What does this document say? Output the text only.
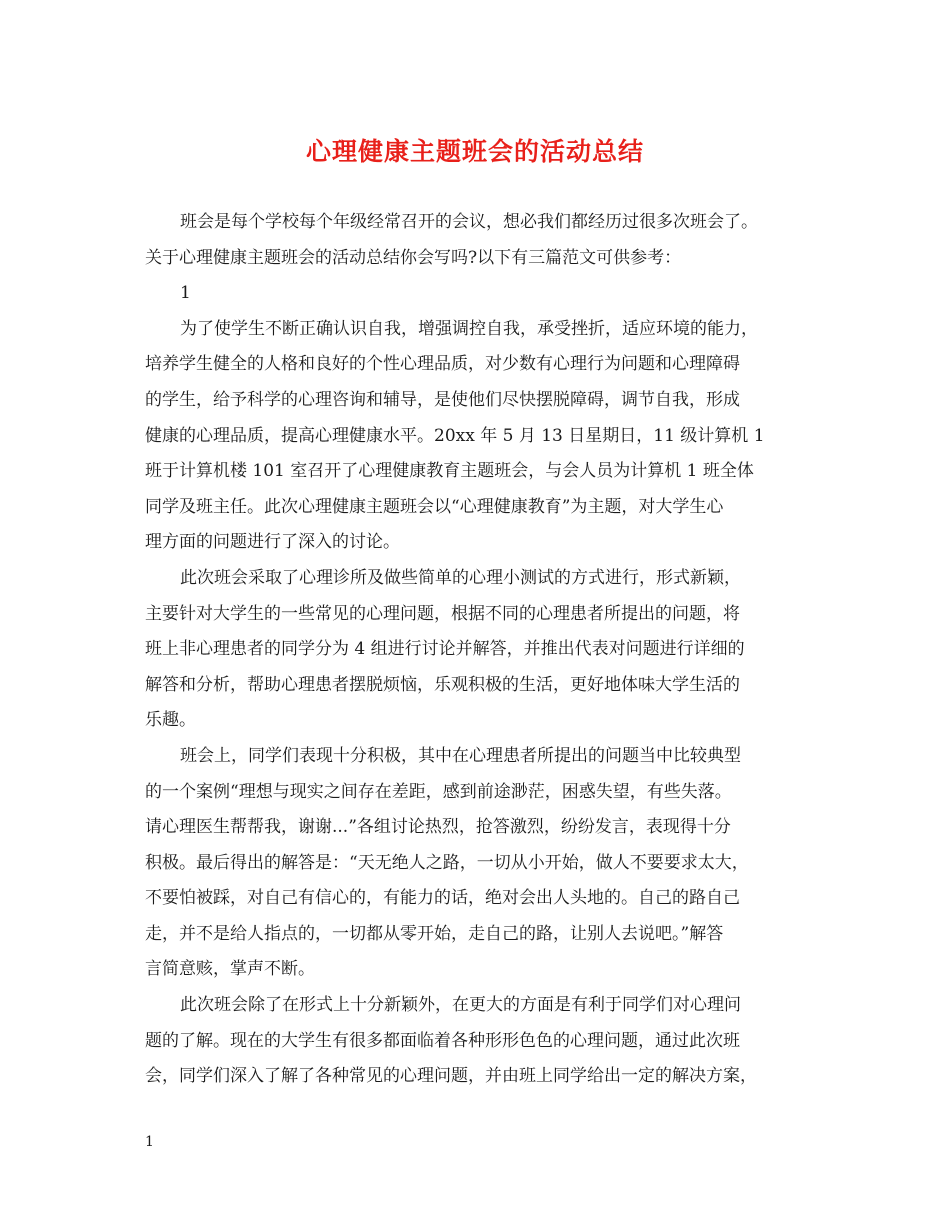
心理健康主题班会的活动总结

班会是每个学校每个年级经常召开的会议，想必我们都经历过很多次班会了。

关于心理健康主题班会的活动总结你会写吗?以下有三篇范文可供参考：

1

为了使学生不断正确认识自我，增强调控自我，承受挫折，适应环境的能力，

培养学生健全的人格和良好的个性心理品质，对少数有心理行为问题和心理障碍

的学生，给予科学的心理咨询和辅导，是使他们尽快摆脱障碍，调节自我，形成

健康的心理品质，提高心理健康水平。20xx 年 5 月 13 日星期日，11 级计算机 1

班于计算机楼 101 室召开了心理健康教育主题班会，与会人员为计算机 1 班全体

同学及班主任。此次心理健康主题班会以“心理健康教育”为主题，对大学生心

理方面的问题进行了深入的讨论。

此次班会采取了心理诊所及做些简单的心理小测试的方式进行，形式新颖，

主要针对大学生的一些常见的心理问题，根据不同的心理患者所提出的问题，将

班上非心理患者的同学分为 4 组进行讨论并解答，并推出代表对问题进行详细的

解答和分析，帮助心理患者摆脱烦恼，乐观积极的生活，更好地体味大学生活的

乐趣。

班会上，同学们表现十分积极，其中在心理患者所提出的问题当中比较典型

的一个案例“理想与现实之间存在差距，感到前途渺茫，困惑失望，有些失落。

请心理医生帮帮我，谢谢...”各组讨论热烈，抢答激烈，纷纷发言，表现得十分

积极。最后得出的解答是：“天无绝人之路，一切从小开始，做人不要要求太大，

不要怕被踩，对自己有信心的，有能力的话，绝对会出人头地的。自己的路自己

走，并不是给人指点的，一切都从零开始，走自己的路，让别人去说吧。”解答

言简意赅，掌声不断。

此次班会除了在形式上十分新颖外，在更大的方面是有利于同学们对心理问

题的了解。现在的大学生有很多都面临着各种形形色色的心理问题，通过此次班

会，同学们深入了解了各种常见的心理问题，并由班上同学给出一定的解决方案，

1
